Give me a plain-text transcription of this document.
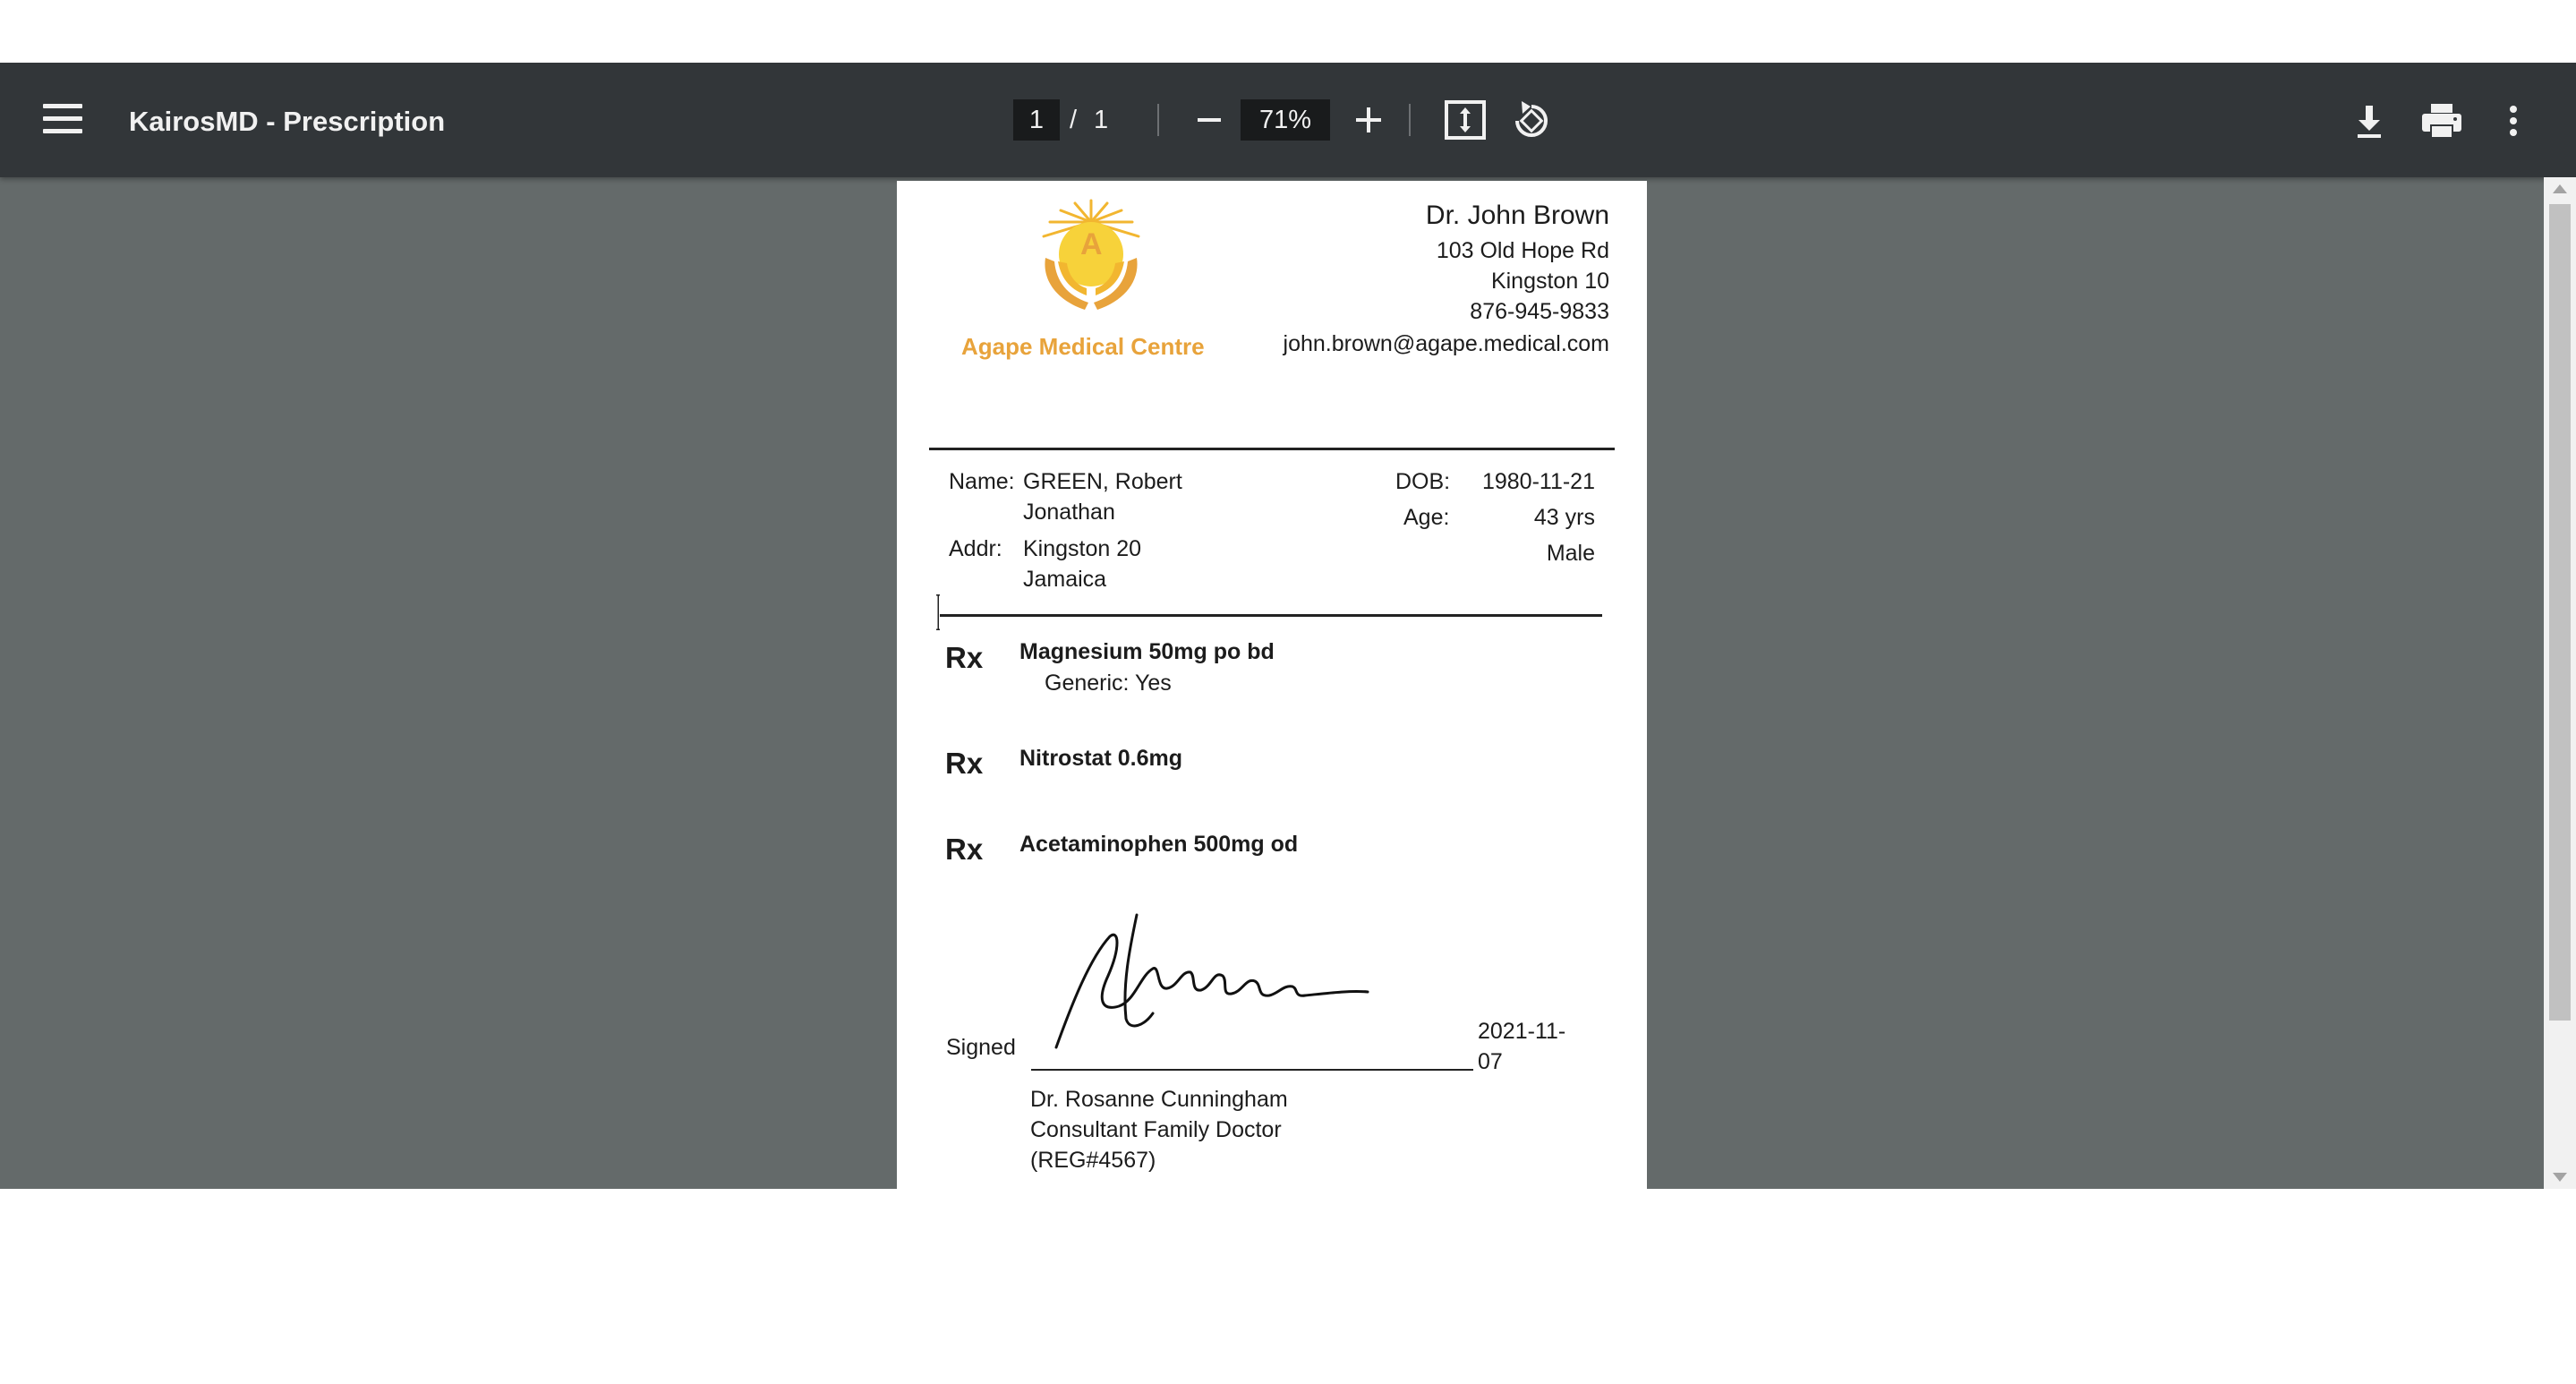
KairosMD - Prescription
1	/ 1
71%
A
Agape Medical Centre
Dr. John Brown
103 Old Hope Rd
Kingston 10
876-945-9833
john.brown@agape.medical.com
Name: GREEN, Robert
Jonathan
Addr: Kingston 20
Jamaica
DOB: 1980-11-21
Age:	43 yrs
Male
Rx Magnesium 50mg po bd
Generic: Yes
Rx Nitrostat 0.6mg
Rx Acetaminophen 500mg od
Signed
2021-11-
07
Dr. Rosanne Cunningham
Consultant Family Doctor
(REG#4567)
